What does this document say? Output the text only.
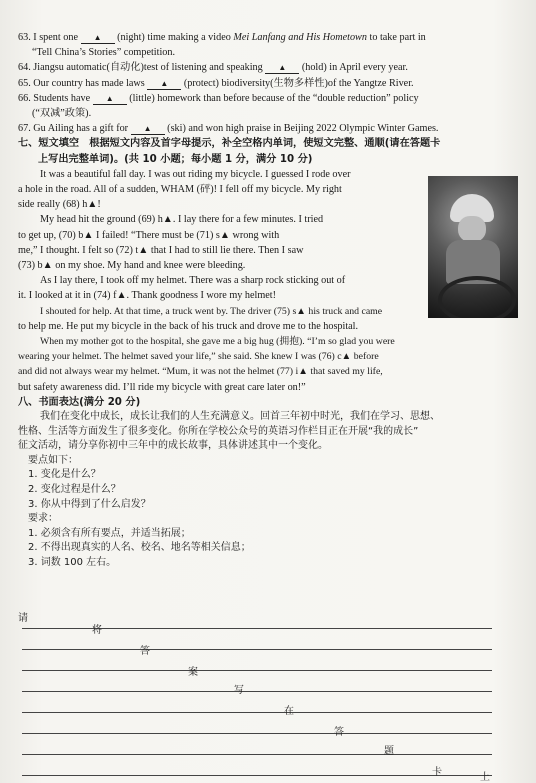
63. I spent one ▲ (night) time making a video Mei Lanfang and His Hometown to take part in

“Tell China’s Stories” competition.

64. Jiangsu automatic(自动化)test of listening and speaking ▲ (hold) in April every year.

65. Our country has made laws ▲ (protect) biodiversity(生物多样性)of the Yangtze River.

66. Students have ▲ (little) homework than before because of the “double reduction” policy

(“双减”政策).

67. Gu Ailing has a gift for ▲ (ski) and won high praise in Beijing 2022 Olympic Winter Games.

七、短文填空　根据短文内容及首字母提示，补全空格内单词，使短文完整、通顺(请在答题卡

上写出完整单词)。(共 10 小题；每小题 1 分，满分 10 分)

It was a beautiful fall day. I was out riding my bicycle. I guessed I rode over

a hole in the road. All of a sudden, WHAM (砰)! I fell off my bicycle. My right

side really (68) h▲!

My head hit the ground (69) h▲. I lay there for a few minutes. I tried

to get up, (70) b▲ I failed! “There must be (71) s▲ wrong with

me,” I thought. I felt so (72) t▲ that I had to still lie there. Then I saw

(73) b▲ on my shoe. My hand and knee were bleeding.

As I lay there, I took off my helmet. There was a sharp rock sticking out of

it. I looked at it in (74) f▲. Thank goodness I wore my helmet!

I shouted for help. At that time, a truck went by. The driver (75) s▲ his truck and came

to help me. He put my bicycle in the back of his truck and drove me to the hospital.

When my mother got to the hospital, she gave me a big hug (拥抱). “I’m so glad you were

wearing your helmet. The helmet saved your life,” she said. She knew I was (76) c▲ before

and did not always wear my helmet. “Mum, it was not the helmet (77) i▲ that saved my life,

but safety awareness did. I’ll ride my bicycle with great care later on!”

八、书面表达(满分 20 分)

我们在变化中成长，成长让我们的人生充满意义。回首三年初中时光，我们在学习、思想、

性格、生活等方面发生了很多变化。你所在学校公众号的英语习作栏目正在开展“我的成长”

征文活动，请分享你初中三年中的成长故事，具体讲述其中一个变化。

要点如下：

1. 变化是什么？

2. 变化过程是什么？

3. 你从中得到了什么启发？

要求：

1. 必须含有所有要点，并适当拓展；

2. 不得出现真实的人名、校名、地名等相关信息；

3. 词数 100 左右。

请
将
答
案
写
在
答
题
卡	上
